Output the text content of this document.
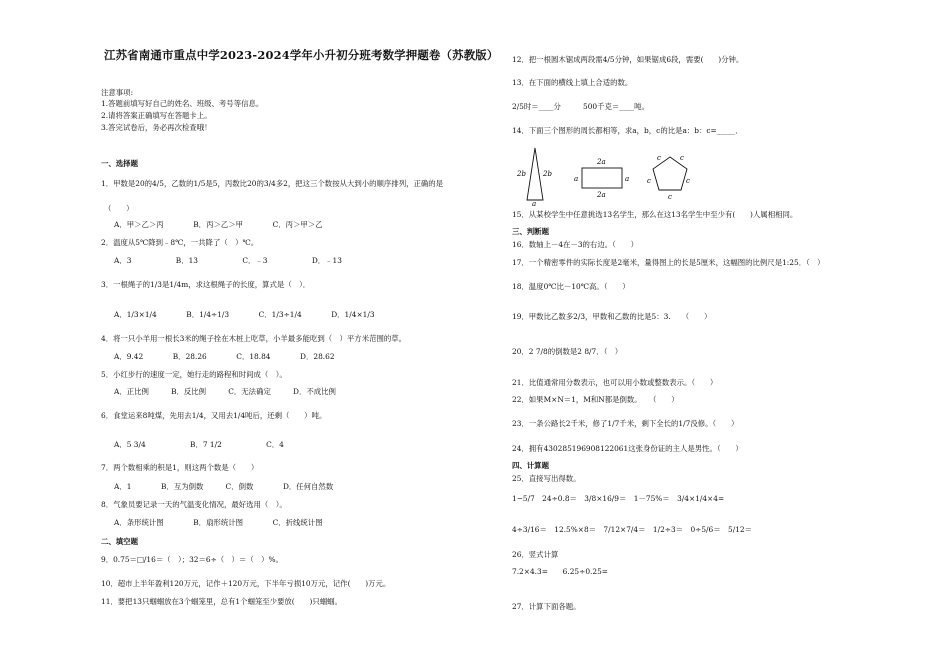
江苏省南通市重点中学2023-2024学年小升初分班考数学押题卷（苏教版）
注意事项:
1.答题前填写好自己的姓名、班级、考号等信息。
2.请将答案正确填写在答题卡上。
3.答完试卷后，务必再次检查哦！
一、选择题
1．甲数是20的4/5，乙数的1/5是5，丙数比20的3/4多2，把这三个数按从大到小的顺序排列，正确的是
（　　）
A．甲＞乙＞丙　　　　B．丙＞乙＞甲　　　　C．丙＞甲＞乙
2．温度从5℃降到﹣8℃，一共降了（　）℃。
A．3　　　　　　B．13　　　　　　C．﹣3　　　　　　D．﹣13
3．一根绳子的1/3是1/4m，求这根绳子的长度，算式是（　）．
A．1/3×1/4　　　　B．1/4÷1/3　　　　C．1/3÷1/4　　　　D．1/4×1/3
4．将一只小羊用一根长3米的绳子拴在木桩上吃草，小羊最多能吃到（　）平方米范围的草。
A．9.42　　　　B．28.26　　　　C．18.84　　　　D．28.62
5．小红步行的速度一定，她行走的路程和时间成（　）。
A．正比例　　　B．反比例　　　C．无法确定　　　D．不成比例
6．食堂运来8吨煤，先用去1/4，又用去1/4吨后，还剩（　　）吨。
A．5 3/4　　　　　　B．7 1/2　　　　　　C．4
7．两个数相乘的积是1，则这两个数是（　　）
A．1　　　　B．互为倒数　　　C．倒数　　　　D．任何自然数
8．气象员要记录一天的气温变化情况，最好选用（　）。
A．条形统计图　　　　B．扇形统计图　　　　C．折线统计图
二、填空题
9．0.75＝□/16＝（　）；32＝6÷（　）＝（　）%。
10．超市上半年盈利120万元，记作＋120万元，下半年亏损10万元，记作(　　)万元。
11．要把13只蝈蝈放在3个蝈笼里，总有1个蝈笼至少要放(　　)只蝈蝈。
12．把一根圆木锯成两段需4/5分钟，如果锯成6段，需要(　　)分钟。
13．在下面的横线上填上合适的数。
2/5时＝____分　　　500千克＝____吨。
14．下面三个图形的周长都相等，求a，b，c的比是a：b：c=_____．
2b 2b
a
2a
a	a
2a
c	c
c	c
c
15．从某校学生中任意挑选13名学生，那么在这13名学生中至少有(　　)人属相相同。
三、判断题
16．数轴上－4在－3的右边。（　　）
17．一个精密零件的实际长度是2毫米，量得图上的长是5厘米，这幅图的比例尺是1:25．（　）
18．温度0℃比－10℃高。（　　）
19．甲数比乙数多2/3，甲数和乙数的比是5：3.　　（　　）
20．2 7/8的倒数是2 8/7．（　）
21．比值通常用分数表示，也可以用小数或整数表示。（　　）
22．如果M×N＝1，M和N都是倒数。　　（　　）
23．一条公路长2千米，修了1/7千米，剩下全长的1/7没修。（　　）
24．拥有430285196908122061这张身份证的主人是男性。（　　）
四、计算题
25．直接写出得数。
1−5/7　24÷0.8＝　3/8×16/9＝　1－75%＝　3/4×1/4×4=
4÷3/16＝　12.5%×8＝　7/12×7/4＝　1/2÷3＝　0÷5/6＝　5/12＝
26．竖式计算
7.2×4.3=　　6.25÷0.25=
27．计算下面各题。
